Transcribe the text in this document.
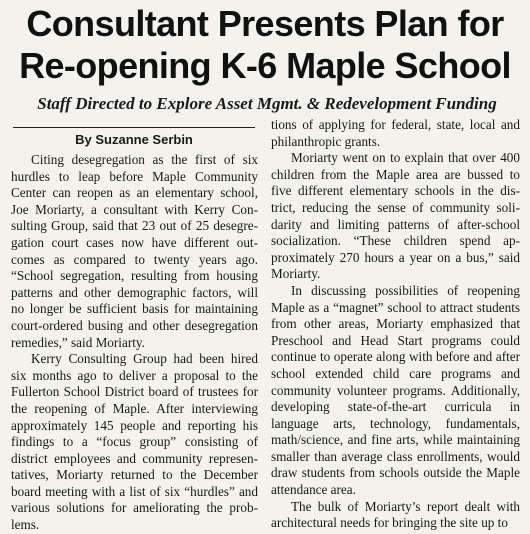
Consultant Presents Plan for
Re-opening K-6 Maple School
Staff Directed to Explore Asset Mgmt. & Redevelopment Funding
By Suzanne Serbin

Citing desegregation as the first of six hurdles to leap before Maple Community Center can reopen as an elementary school, Joe Moriarty, a consultant with Kerry Consulting Group, said that 23 out of 25 desegregation court cases now have different outcomes as compared to twenty years ago. “School segregation, resulting from housing patterns and other demographic factors, will no longer be sufficient basis for maintaining court-ordered busing and other desegregation remedies,” said Moriarty.

Kerry Consulting Group had been hired six months ago to deliver a proposal to the Fullerton School District board of trustees for the reopening of Maple. After interviewing approximately 145 people and reporting his findings to a “focus group” consisting of district employees and community representatives, Moriarty returned to the December board meeting with a list of six “hurdles” and various solutions for ameliorating the problems.

tions of applying for federal, state, local and philanthropic grants.

Moriarty went on to explain that over 400 children from the Maple area are bussed to five different elementary schools in the district, reducing the sense of community solidarity and limiting patterns of after-school socialization. “These children spend approximately 270 hours a year on a bus,” said Moriarty.

In discussing possibilities of reopening Maple as a “magnet” school to attract students from other areas, Moriarty emphasized that Preschool and Head Start programs could continue to operate along with before and after school extended child care programs and community volunteer programs. Additionally, developing state-of-the-art curricula in language arts, technology, fundamentals, math/science, and fine arts, while maintaining smaller than average class enrollments, would draw students from schools outside the Maple attendance area.

The bulk of Moriarty’s report dealt with architectural needs for bringing the site up to
